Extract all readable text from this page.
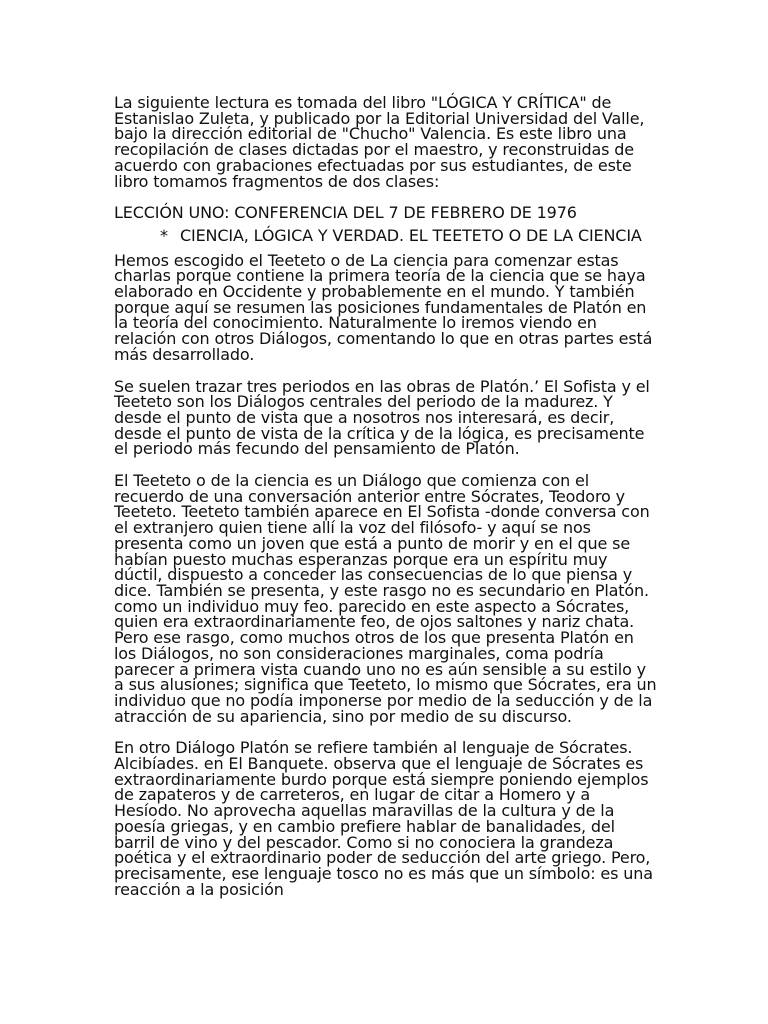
La siguiente lectura es tomada del libro "LÓGICA Y CRÍTICA" de Estanislao Zuleta, y publicado por la Editorial Universidad del Valle, bajo la dirección editorial de "Chucho" Valencia. Es este libro una recopilación de clases dictadas por el maestro, y reconstruidas de acuerdo con grabaciones efectuadas por sus estudiantes, de este libro tomamos fragmentos de dos clases:

LECCIÓN UNO: CONFERENCIA DEL 7 DE FEBRERO DE 1976

* CIENCIA, LÓGICA Y VERDAD. EL TEETETO O DE LA CIENCIA

Hemos escogido el Teeteto o de La ciencia para comenzar estas charlas porque contiene la primera teoría de la ciencia que se haya elaborado en Occidente y probablemente en el mundo. Y también porque aquí se resumen las posiciones fundamentales de Platón en la teoría del conocimiento. Naturalmente lo iremos viendo en relación con otros Diálogos, comentando lo que en otras partes está más desarrollado.

Se suelen trazar tres periodos en las obras de Platón.’ El Sofista y el Teeteto son los Diálogos centrales del periodo de la madurez. Y desde el punto de vista que a nosotros nos interesará, es decir, desde el punto de vista de la crítica y de la lógica, es precisamente el periodo más fecundo del pensamiento de Platón.

El Teeteto o de la ciencia es un Diálogo que comienza con el recuerdo de una conversación anterior entre Sócrates, Teodoro y Teeteto. Teeteto también aparece en El Sofista -donde conversa con el extranjero quien tiene allí la voz del filósofo- y aquí se nos presenta como un joven que está a punto de morir y en el que se habían puesto muchas esperanzas porque era un espíritu muy dúctil, dispuesto a conceder las consecuencias de lo que piensa y dice. También se presenta, y este rasgo no es secundario en Platón. como un individuo muy feo. parecido en este aspecto a Sócrates, quien era extraordinariamente feo, de ojos saltones y nariz chata. Pero ese rasgo, como muchos otros de los que presenta Platón en los Diálogos, no son consideraciones marginales, coma podría parecer a primera vista cuando uno no es aún sensible a su estilo y a sus alusiones; significa que Teeteto, lo mismo que Sócrates, era un individuo que no podía imponerse por medio de la seducción y de la atracción de su apariencia, sino por medio de su discurso.

En otro Diálogo Platón se refiere también al lenguaje de Sócrates. Alcibíades. en El Banquete. observa que el lenguaje de Sócrates es extraordinariamente burdo porque está siempre poniendo ejemplos de zapateros y de carreteros, en lugar de citar a Homero y a Hesíodo. No aprovecha aquellas maravillas de la cultura y de la poesía griegas, y en cambio prefiere hablar de banalidades, del barril de vino y del pescador. Como si no conociera la grandeza poética y el extraordinario poder de seducción del arte griego. Pero, precisamente, ese lenguaje tosco no es más que un símbolo: es una reacción a la posición
